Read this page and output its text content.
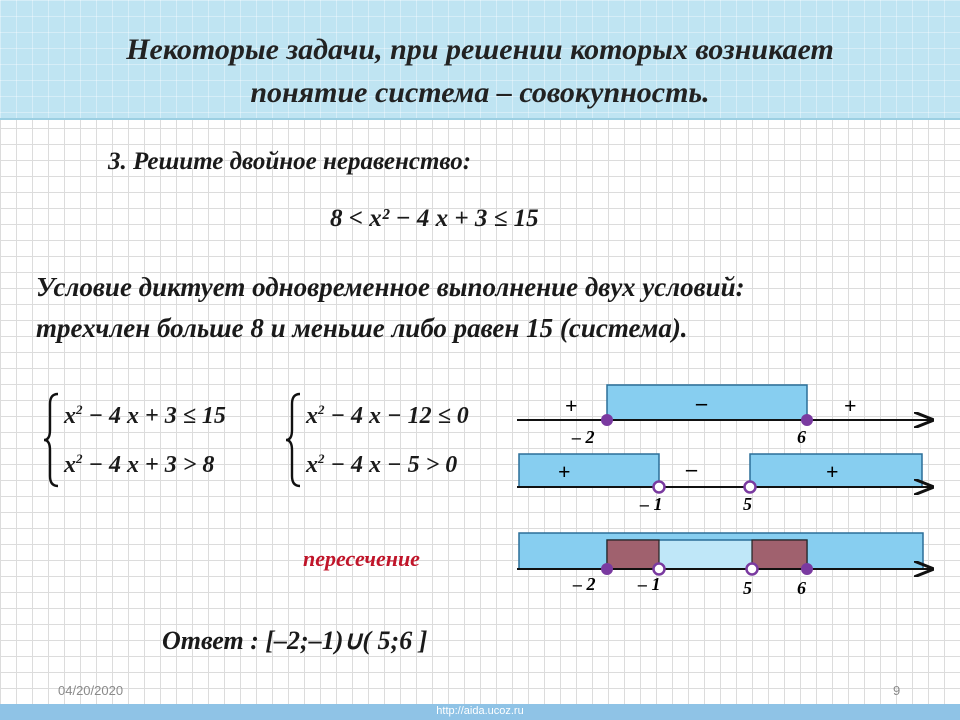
Некоторые задачи, при решении которых возникает
понятие система – совокупность.
3. Решите двойное неравенство:
8 < x² − 4 x + 3 ≤ 15
Условие диктует одновременное выполнение двух условий:
трехчлен больше 8 и меньше либо равен 15 (система).
$x^2 - 4$ x + 3 ≤ 15
$x^2 - 4$ x + 3 > 8
$x^2 - 4$ x − 12 ≤ 0
$x^2 - 4$ x − 5 > 0
+	–	+
– 2	6
+	–	+
– 1	5
– 2 – 1	5	6
пересечение
Ответ : [–2;–1)∪( 5;6 ]
04/20/2020	9
http://aida.ucoz.ru
